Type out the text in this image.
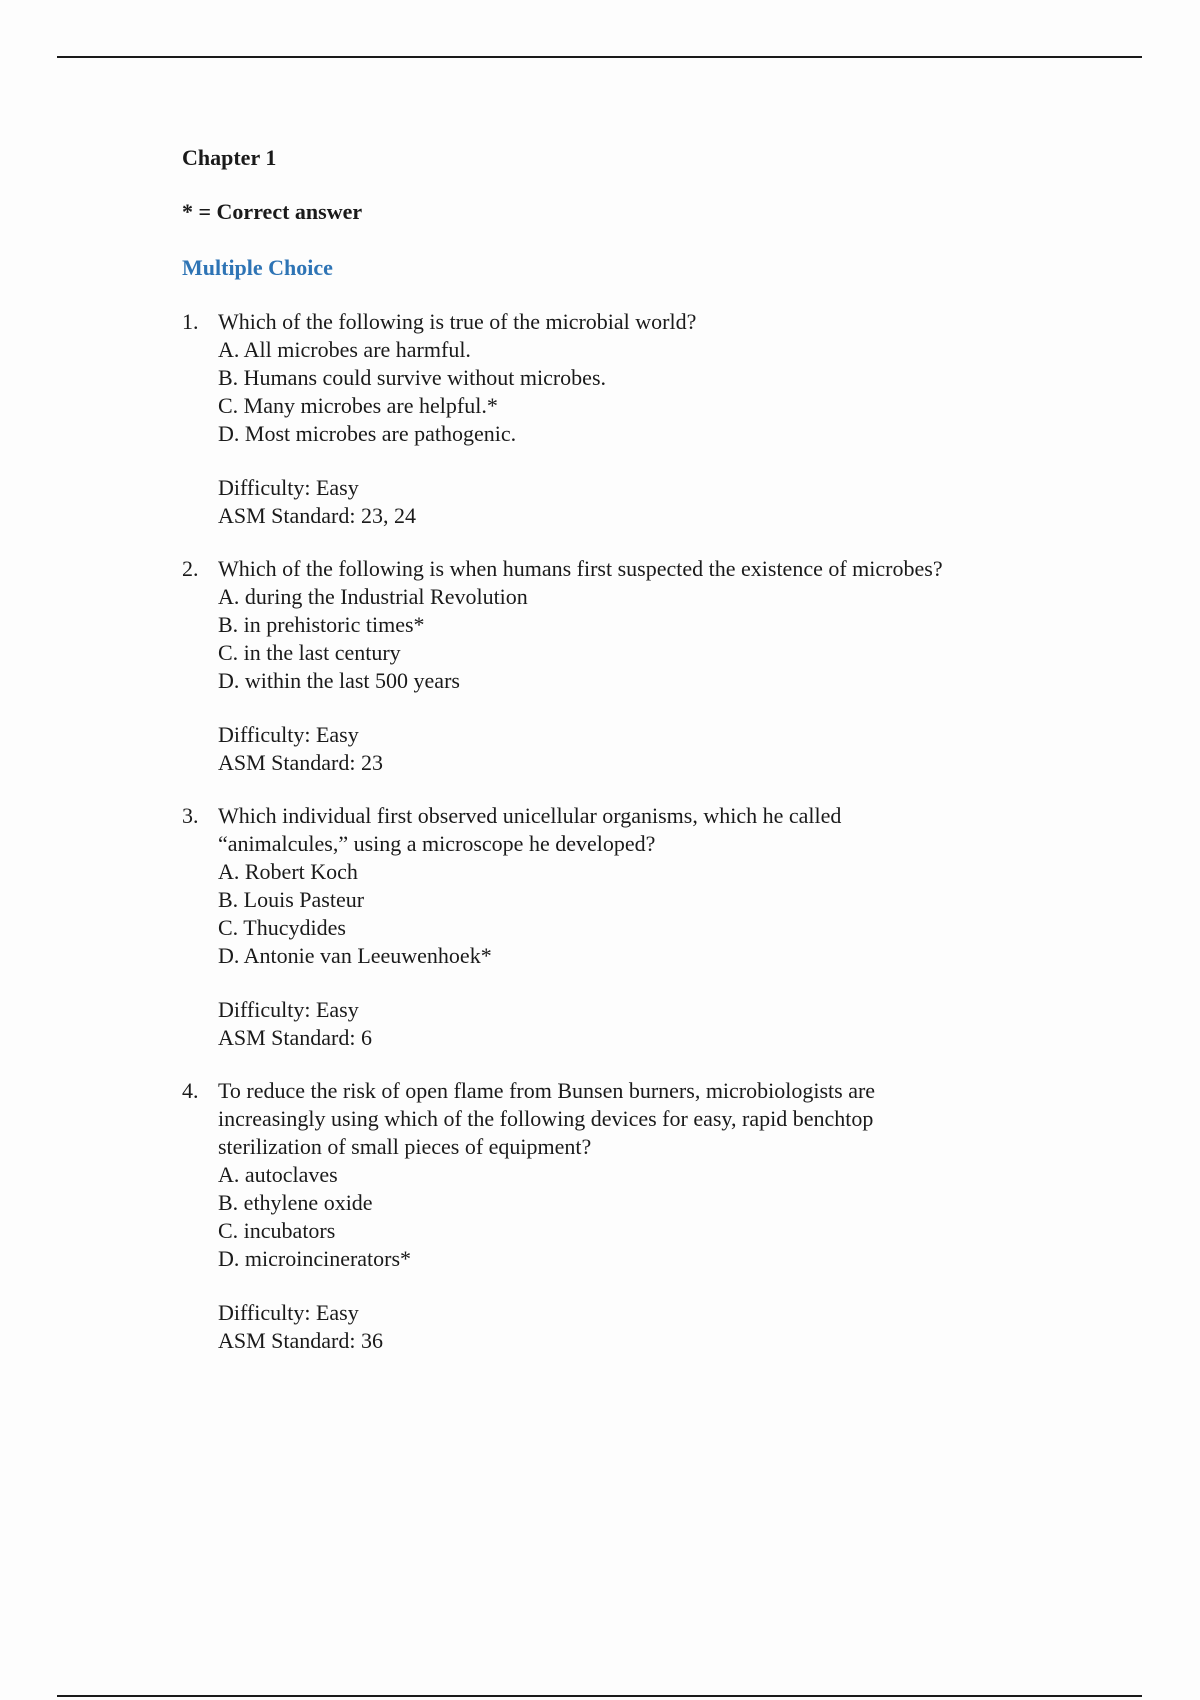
Chapter 1
* = Correct answer
Multiple Choice
1. Which of the following is true of the microbial world?

A. All microbes are harmful.

B. Humans could survive without microbes.

C. Many microbes are helpful.*

D. Most microbes are pathogenic.

Difficulty: Easy

ASM Standard: 23, 24

2. Which of the following is when humans first suspected the existence of microbes?

A. during the Industrial Revolution

B. in prehistoric times*

C. in the last century

D. within the last 500 years

Difficulty: Easy

ASM Standard: 23

3. Which individual first observed unicellular organisms, which he called “animalcules,” using a microscope he developed?

A. Robert Koch

B. Louis Pasteur

C. Thucydides

D. Antonie van Leeuwenhoek*

Difficulty: Easy

ASM Standard: 6

4. To reduce the risk of open flame from Bunsen burners, microbiologists are increasingly using which of the following devices for easy, rapid benchtop sterilization of small pieces of equipment?

A. autoclaves

B. ethylene oxide

C. incubators

D. microincinerators*

Difficulty: Easy

ASM Standard: 36
